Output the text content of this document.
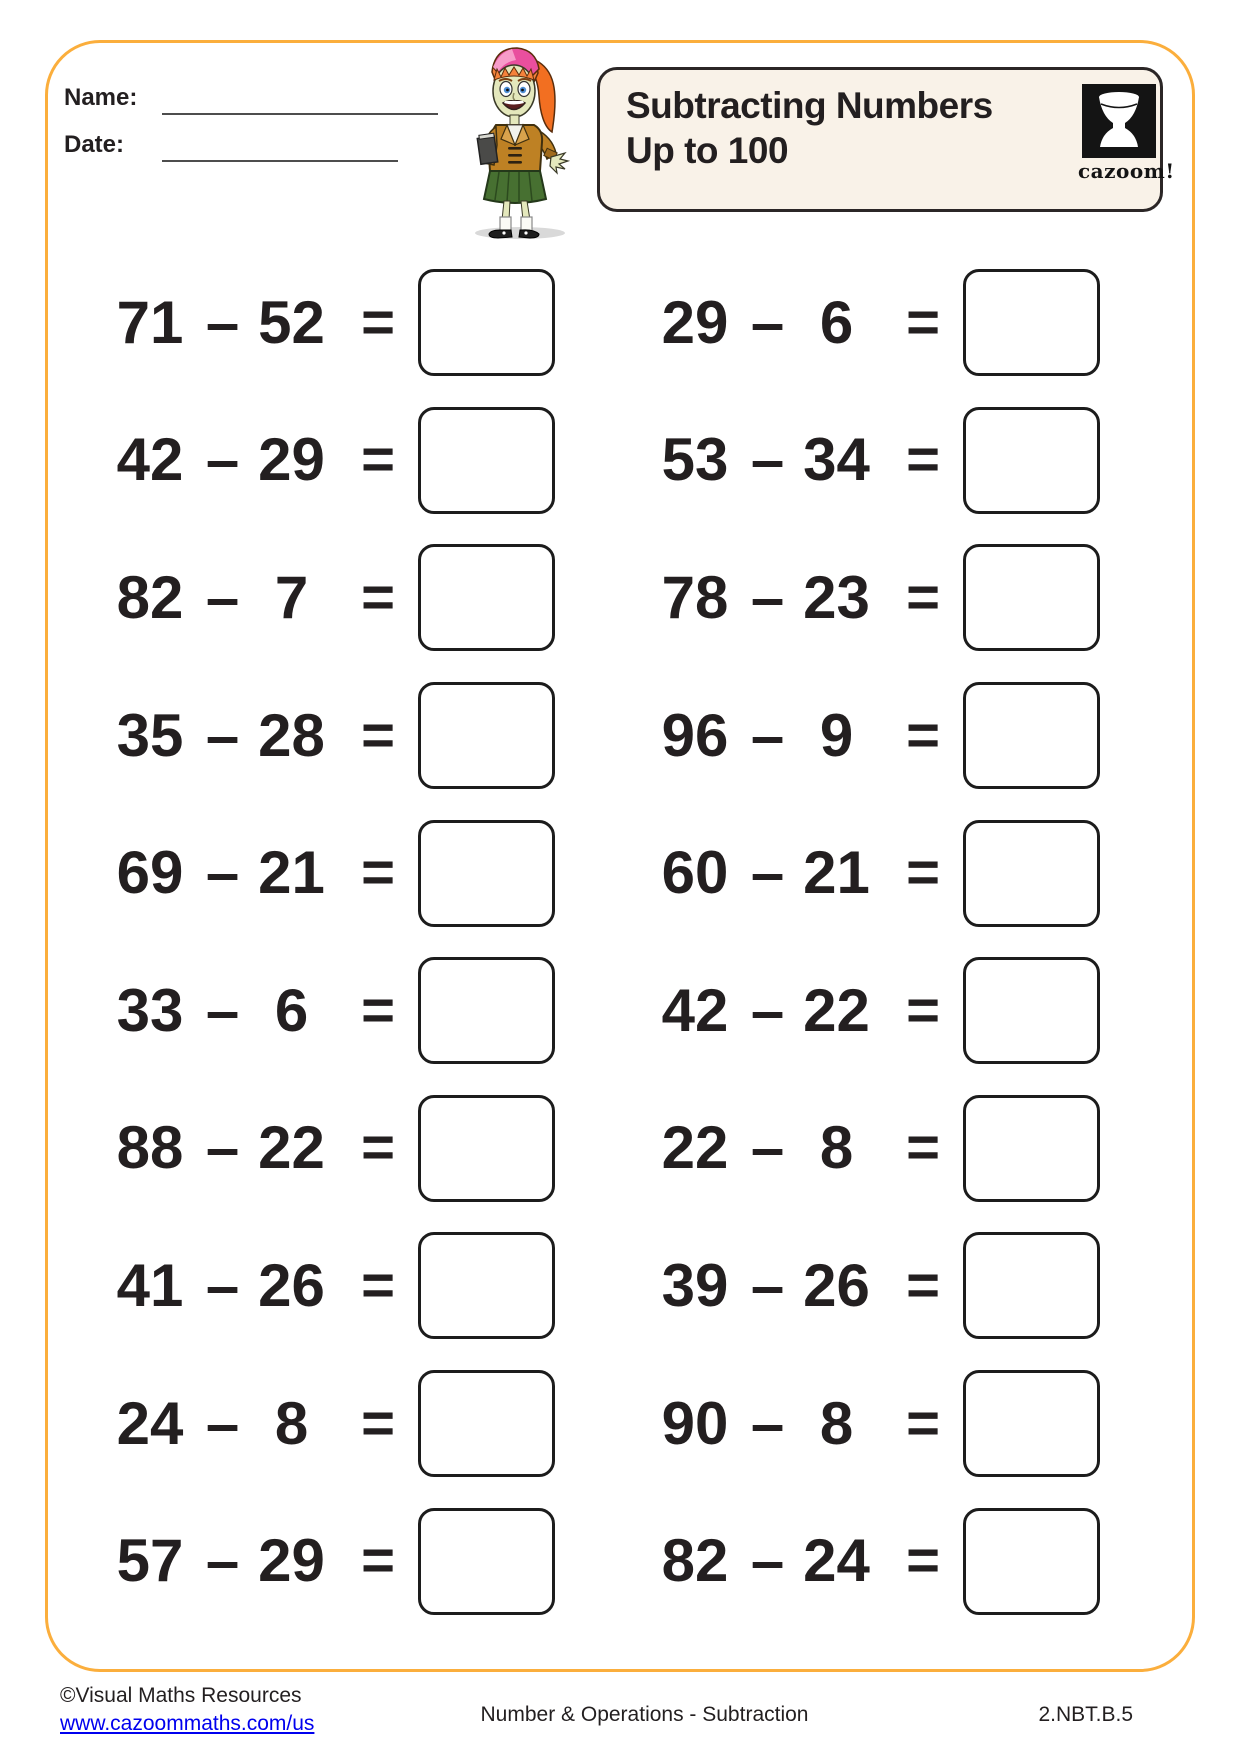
Name:
Date:
Subtracting Numbers
Up to 100	cazoom!
71 – 52 =
42 – 29 =
82 – 7 =
35 – 28 =
69 – 21 =
33 – 6 =
88 – 22 =
41 – 26 =
24 – 8 =
57 – 29 =
29 – 6 =
53 – 34 =
78 – 23 =
96 – 9 =
60 – 21 =
42 – 22 =
22 – 8 =
39 – 26 =
90 – 8 =
82 – 24 =
©Visual Maths Resources
www.cazoommaths.com/us	Number & Operations - Subtraction	2.NBT.B.5
